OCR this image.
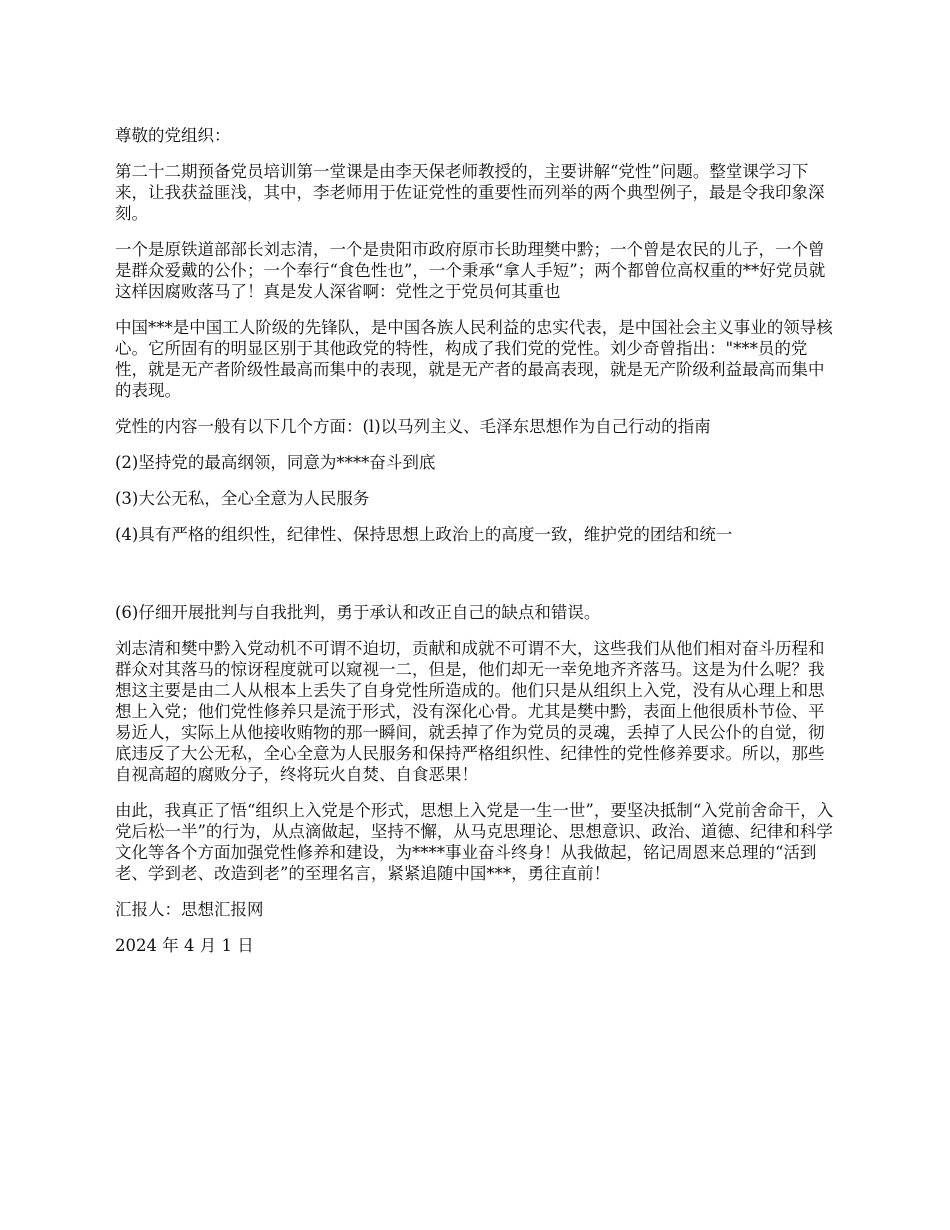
尊敬的党组织：

第二十二期预备党员培训第一堂课是由李天保老师教授的，主要讲解“党性”问题。整堂课学习下来，让我获益匪浅，其中，李老师用于佐证党性的重要性而列举的两个典型例子，最是令我印象深刻。

一个是原铁道部部长刘志清，一个是贵阳市政府原市长助理樊中黔；一个曾是农民的儿子，一个曾是群众爱戴的公仆；一个奉行“食色性也”，一个秉承“拿人手短”；两个都曾位高权重的**好党员就这样因腐败落马了！真是发人深省啊：党性之于党员何其重也

中国***是中国工人阶级的先锋队，是中国各族人民利益的忠实代表，是中国社会主义事业的领导核心。它所固有的明显区别于其他政党的特性，构成了我们党的党性。刘少奇曾指出："***员的党性，就是无产者阶级性最高而集中的表现，就是无产者的最高表现，就是无产阶级利益最高而集中的表现。

党性的内容一般有以下几个方面：(l)以马列主义、毛泽东思想作为自己行动的指南

(2)坚持党的最高纲领，同意为****奋斗到底

(3)大公无私，全心全意为人民服务

(4)具有严格的组织性，纪律性、保持思想上政治上的高度一致，维护党的团结和统一

(6)仔细开展批判与自我批判，勇于承认和改正自己的缺点和错误。

刘志清和樊中黔入党动机不可谓不迫切，贡献和成就不可谓不大，这些我们从他们相对奋斗历程和群众对其落马的惊讶程度就可以窥视一二，但是，他们却无一幸免地齐齐落马。这是为什么呢？我想这主要是由二人从根本上丢失了自身党性所造成的。他们只是从组织上入党，没有从心理上和思想上入党；他们党性修养只是流于形式，没有深化心骨。尤其是樊中黔，表面上他很质朴节俭、平易近人，实际上从他接收贿物的那一瞬间，就丢掉了作为党员的灵魂，丢掉了人民公仆的自觉，彻底违反了大公无私，全心全意为人民服务和保持严格组织性、纪律性的党性修养要求。所以，那些自视高超的腐败分子，终将玩火自焚、自食恶果！

由此，我真正了悟“组织上入党是个形式，思想上入党是一生一世”，要坚决抵制“入党前舍命干，入党后松一半”的行为，从点滴做起，坚持不懈，从马克思理论、思想意识、政治、道德、纪律和科学文化等各个方面加强党性修养和建设，为****事业奋斗终身！从我做起，铭记周恩来总理的“活到老、学到老、改造到老”的至理名言，紧紧追随中国***，勇往直前！

汇报人：思想汇报网

2024 年 4 月 1 日
